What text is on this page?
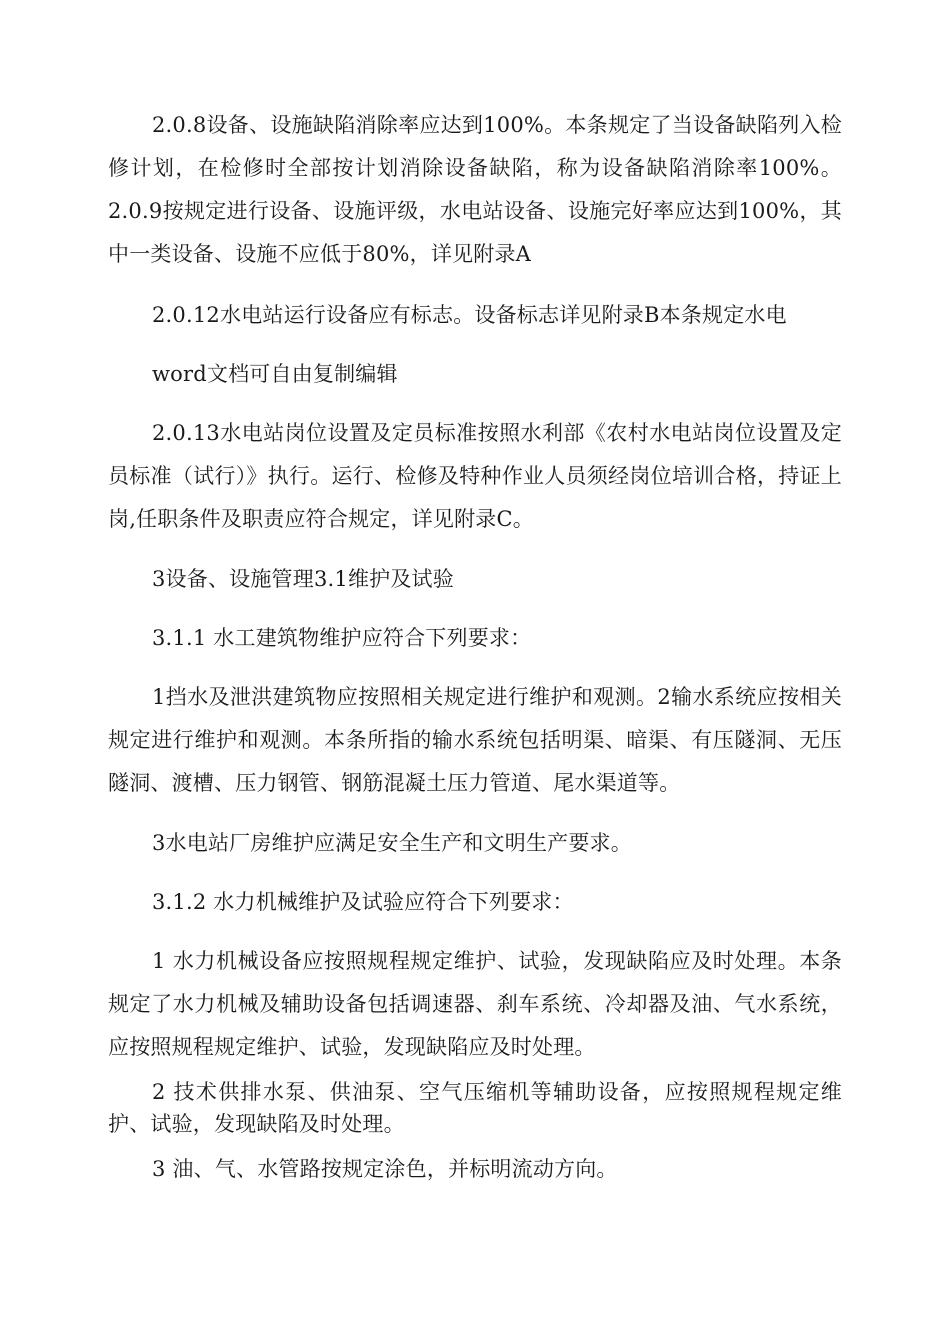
2.0.8设备、设施缺陷消除率应达到100%。本条规定了当设备缺陷列入检修计划，在检修时全部按计划消除设备缺陷，称为设备缺陷消除率100%。2.0.9按规定进行设备、设施评级，水电站设备、设施完好率应达到100%，其中一类设备、设施不应低于80%，详见附录A

2.0.12水电站运行设备应有标志。设备标志详见附录B本条规定水电

word文档可自由复制编辑

2.0.13水电站岗位设置及定员标准按照水利部《农村水电站岗位设置及定员标准（试行）》执行。运行、检修及特种作业人员须经岗位培训合格，持证上岗,任职条件及职责应符合规定，详见附录C。

3设备、设施管理3.1维护及试验

3.1.1 水工建筑物维护应符合下列要求：

1挡水及泄洪建筑物应按照相关规定进行维护和观测。2输水系统应按相关规定进行维护和观测。本条所指的输水系统包括明渠、暗渠、有压隧洞、无压隧洞、渡槽、压力钢管、钢筋混凝土压力管道、尾水渠道等。

3水电站厂房维护应满足安全生产和文明生产要求。

3.1.2 水力机械维护及试验应符合下列要求：

1 水力机械设备应按照规程规定维护、试验，发现缺陷应及时处理。本条规定了水力机械及辅助设备包括调速器、刹车系统、冷却器及油、气水系统，应按照规程规定维护、试验，发现缺陷应及时处理。

2 技术供排水泵、供油泵、空气压缩机等辅助设备，应按照规程规定维护、试验，发现缺陷及时处理。

3 油、气、水管路按规定涂色，并标明流动方向。
